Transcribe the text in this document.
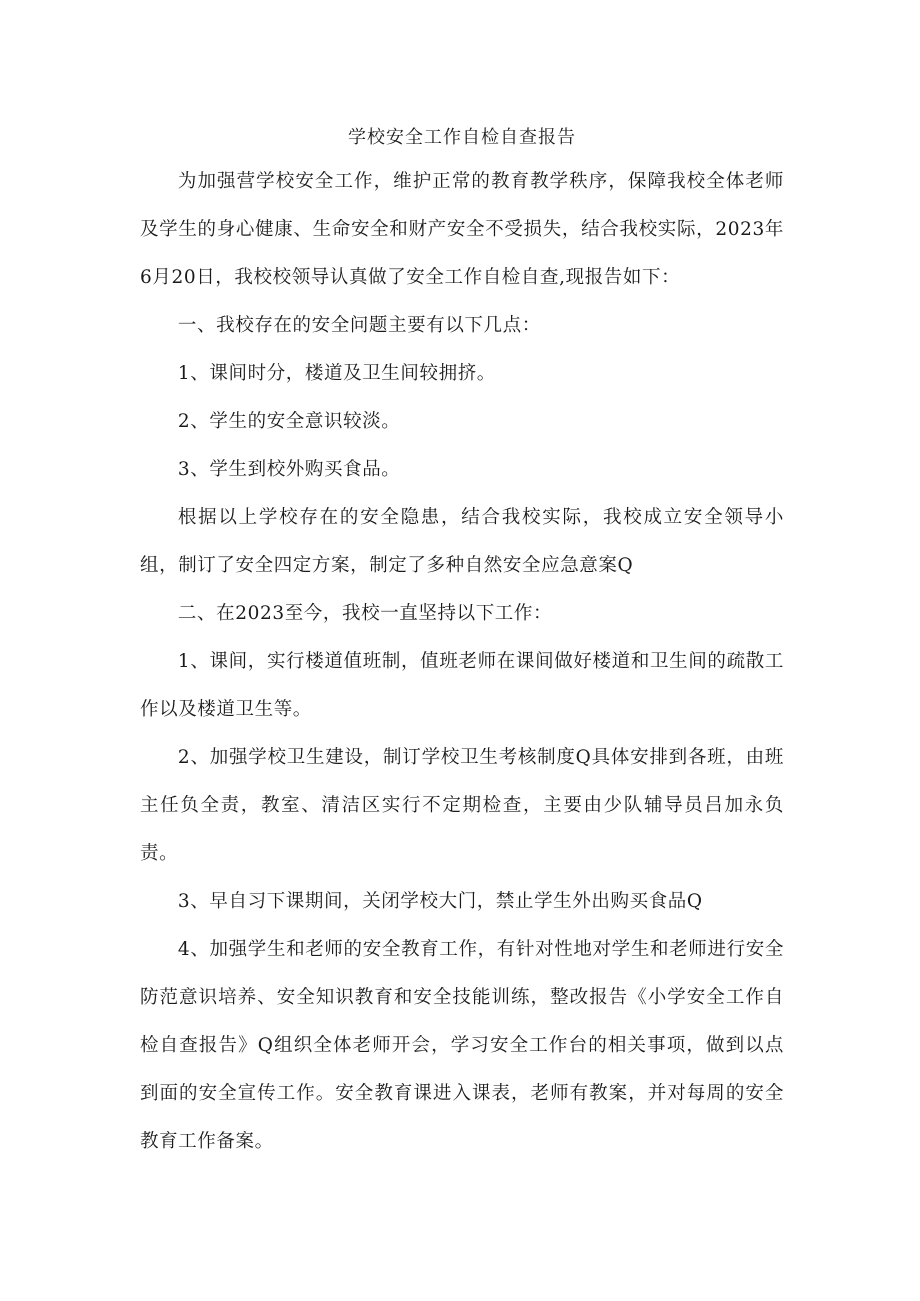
学校安全工作自检自查报告

为加强营学校安全工作，维护正常的教育教学秩序，保障我校全体老师及学生的身心健康、生命安全和财产安全不受损失，结合我校实际，2023年6月20日，我校校领导认真做了安全工作自检自查,现报告如下：

一、我校存在的安全问题主要有以下几点：

1、课间时分，楼道及卫生间较拥挤。

2、学生的安全意识较淡。

3、学生到校外购买食品。

根据以上学校存在的安全隐患，结合我校实际，我校成立安全领导小组，制订了安全四定方案，制定了多种自然安全应急意案Q

二、在2023至今，我校一直坚持以下工作：

1、课间，实行楼道值班制，值班老师在课间做好楼道和卫生间的疏散工作以及楼道卫生等。

2、加强学校卫生建设，制订学校卫生考核制度Q具体安排到各班，由班主任负全责，教室、清洁区实行不定期检查，主要由少队辅导员吕加永负责。

3、早自习下课期间，关闭学校大门，禁止学生外出购买食品Q

4、加强学生和老师的安全教育工作，有针对性地对学生和老师进行安全防范意识培养、安全知识教育和安全技能训练，整改报告《小学安全工作自检自查报告》Q组织全体老师开会，学习安全工作台的相关事项，做到以点到面的安全宣传工作。安全教育课进入课表，老师有教案，并对每周的安全教育工作备案。
